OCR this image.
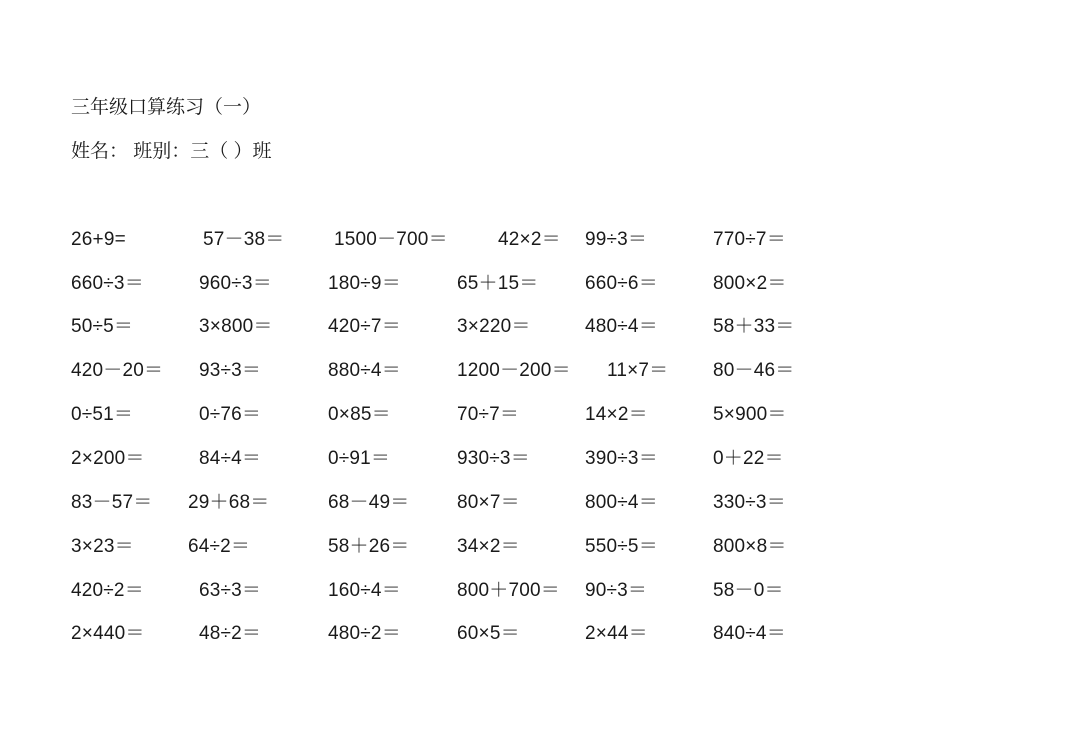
三年级口算练习（一）
姓名： 班别：三（ ）班
26+9=	57－38＝	1500－700＝	42×2＝ 99÷3＝	770÷7＝
660÷3＝	960÷3＝	180÷9＝	65＋15＝ 660÷6＝	800×2＝
50÷5＝	3×800＝	420÷7＝	3×220＝	480÷4＝	58＋33＝
420－20＝ 93÷3＝	880÷4＝	1200－200＝ 11×7＝ 80－46＝
0÷51＝	0÷76＝	0×85＝	70÷7＝	14×2＝	5×900＝
2×200＝	84÷4＝	0÷91＝	930÷3＝	390÷3＝	0＋22＝
83－57＝ 29＋68＝	68－49＝	80×7＝	800÷4＝	330÷3＝
3×23＝	64÷2＝	58＋26＝	34×2＝	550÷5＝	800×8＝
420÷2＝	63÷3＝	160÷4＝	800＋700＝ 90÷3＝	58－0＝
2×440＝	48÷2＝	480÷2＝	60×5＝	2×44＝	840÷4＝
